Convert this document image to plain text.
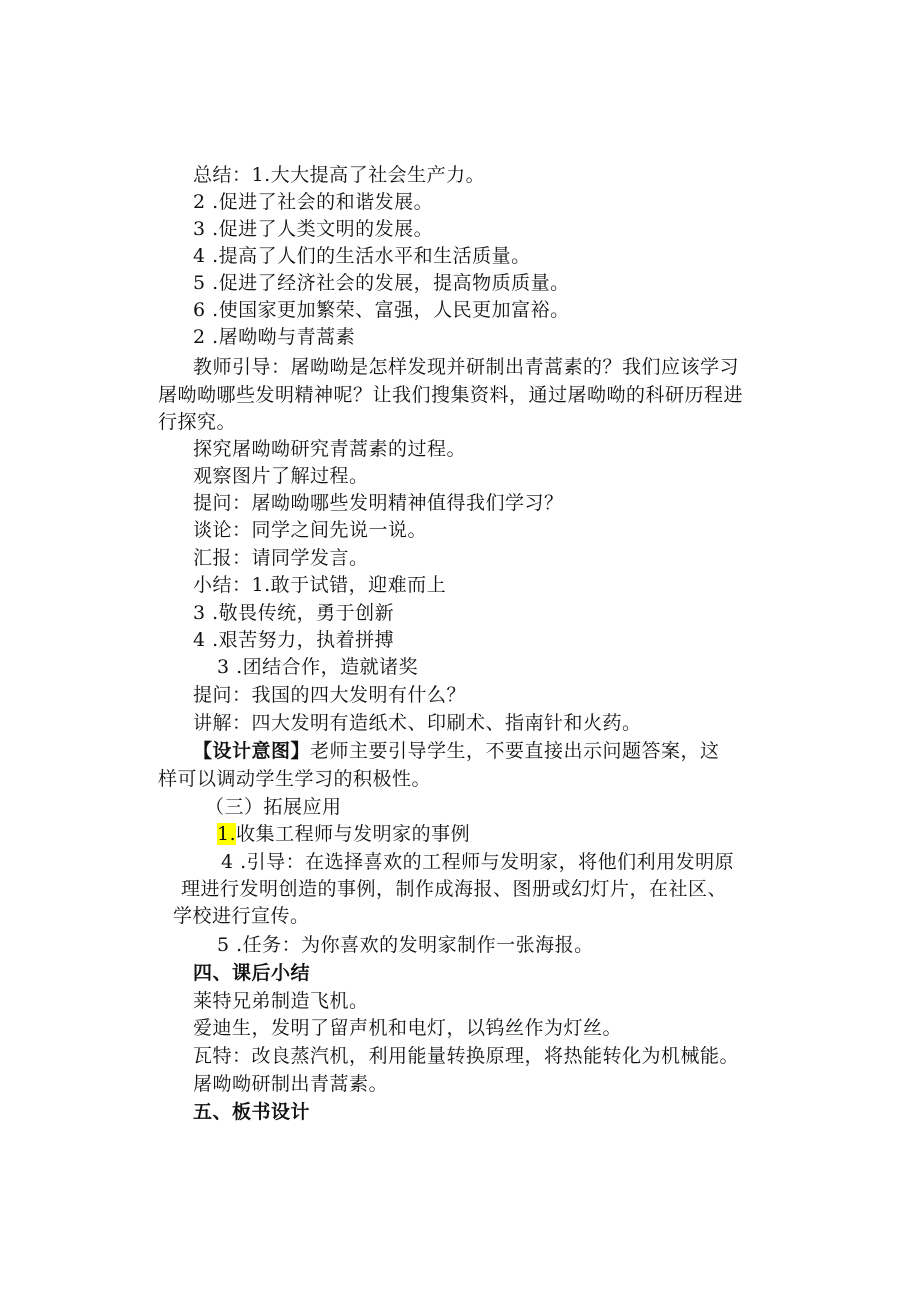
总结：1.大大提高了社会生产力。
2 .促进了社会的和谐发展。
3 .促进了人类文明的发展。
4 .提高了人们的生活水平和生活质量。
5 .促进了经济社会的发展，提高物质质量。
6 .使国家更加繁荣、富强，人民更加富裕。
2 .屠呦呦与青蒿素
教师引导：屠呦呦是怎样发现并研制出青蒿素的？我们应该学习
屠呦呦哪些发明精神呢？让我们搜集资料，通过屠呦呦的科研历程进
行探究。
探究屠呦呦研究青蒿素的过程。
观察图片了解过程。
提问：屠呦呦哪些发明精神值得我们学习？
谈论：同学之间先说一说。
汇报：请同学发言。
小结：1.敢于试错，迎难而上
3 .敬畏传统，勇于创新
4 .艰苦努力，执着拼搏
3 .团结合作，造就诸奖
提问：我国的四大发明有什么？
讲解：四大发明有造纸术、印刷术、指南针和火药。
【设计意图】老师主要引导学生，不要直接出示问题答案，这
样可以调动学生学习的积极性。
（三）拓展应用
1.收集工程师与发明家的事例
4 .引导：在选择喜欢的工程师与发明家，将他们利用发明原
理进行发明创造的事例，制作成海报、图册或幻灯片，在社区、
学校进行宣传。
5 .任务：为你喜欢的发明家制作一张海报。
四、课后小结
莱特兄弟制造飞机。
爱迪生，发明了留声机和电灯，以钨丝作为灯丝。
瓦特：改良蒸汽机，利用能量转换原理，将热能转化为机械能。
屠呦呦研制出青蒿素。
五、板书设计
